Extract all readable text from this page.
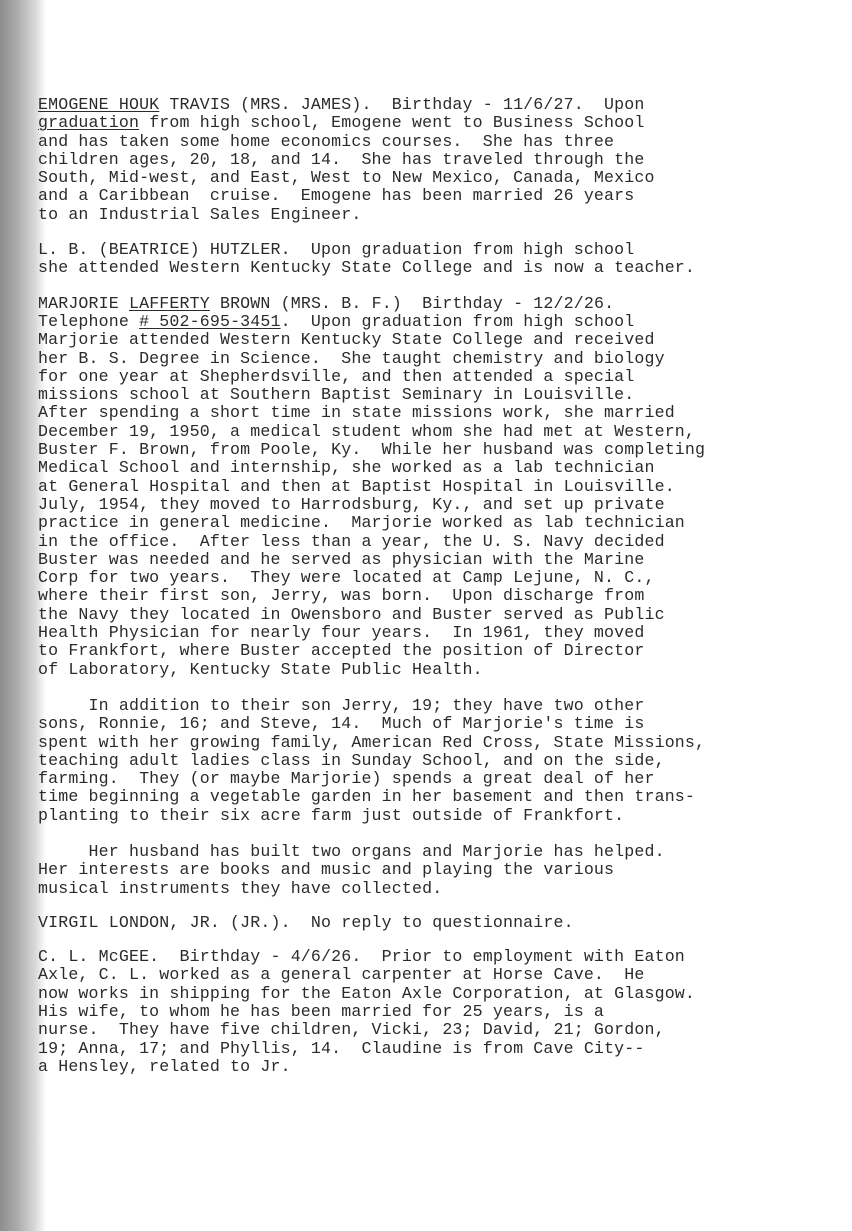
EMOGENE HOUK TRAVIS (MRS. JAMES).  Birthday - 11/6/27.  Upon
graduation from high school, Emogene went to Business School
and has taken some home economics courses.  She has three
children ages, 20, 18, and 14.  She has traveled through the
South, Mid-west, and East, West to New Mexico, Canada, Mexico
and a Caribbean  cruise.  Emogene has been married 26 years
to an Industrial Sales Engineer.
L. B. (BEATRICE) HUTZLER.  Upon graduation from high school
she attended Western Kentucky State College and is now a teacher.
MARJORIE LAFFERTY BROWN (MRS. B. F.)  Birthday - 12/2/26.
Telephone # 502-695-3451.  Upon graduation from high school
Marjorie attended Western Kentucky State College and received
her B. S. Degree in Science.  She taught chemistry and biology
for one year at Shepherdsville, and then attended a special
missions school at Southern Baptist Seminary in Louisville.
After spending a short time in state missions work, she married
December 19, 1950, a medical student whom she had met at Western,
Buster F. Brown, from Poole, Ky.  While her husband was completing
Medical School and internship, she worked as a lab technician
at General Hospital and then at Baptist Hospital in Louisville.
July, 1954, they moved to Harrodsburg, Ky., and set up private
practice in general medicine.  Marjorie worked as lab technician
in the office.  After less than a year, the U. S. Navy decided
Buster was needed and he served as physician with the Marine
Corp for two years.  They were located at Camp Lejune, N. C.,
where their first son, Jerry, was born.  Upon discharge from
the Navy they located in Owensboro and Buster served as Public
Health Physician for nearly four years.  In 1961, they moved
to Frankfort, where Buster accepted the position of Director
of Laboratory, Kentucky State Public Health.
In addition to their son Jerry, 19; they have two other
sons, Ronnie, 16; and Steve, 14.  Much of Marjorie's time is
spent with her growing family, American Red Cross, State Missions,
teaching adult ladies class in Sunday School, and on the side,
farming.  They (or maybe Marjorie) spends a great deal of her
time beginning a vegetable garden in her basement and then trans-
planting to their six acre farm just outside of Frankfort.
Her husband has built two organs and Marjorie has helped.
Her interests are books and music and playing the various
musical instruments they have collected.
VIRGIL LONDON, JR. (JR.).  No reply to questionnaire.
C. L. McGEE.  Birthday - 4/6/26.  Prior to employment with Eaton
Axle, C. L. worked as a general carpenter at Horse Cave.  He
now works in shipping for the Eaton Axle Corporation, at Glasgow.
His wife, to whom he has been married for 25 years, is a
nurse.  They have five children, Vicki, 23; David, 21; Gordon,
19; Anna, 17; and Phyllis, 14.  Claudine is from Cave City--
a Hensley, related to Jr.
